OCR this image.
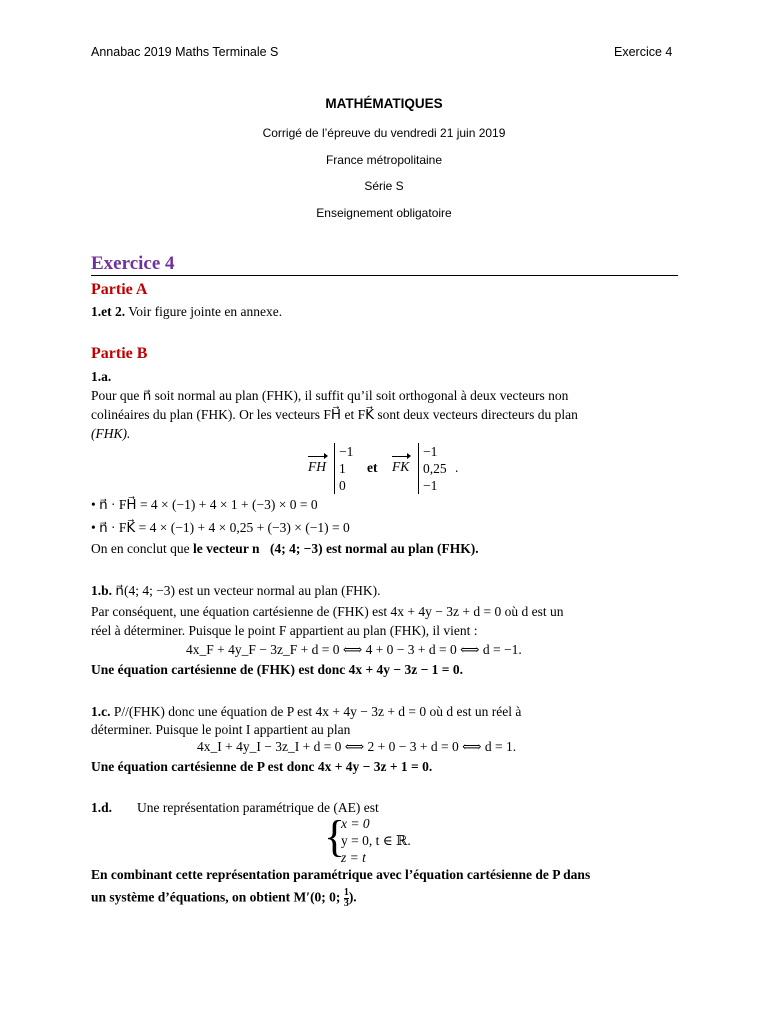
Annabac 2019 Maths Terminale S	Exercice 4
MATHÉMATIQUES
Corrigé de l’épreuve du vendredi 21 juin 2019
France métropolitaine
Série S
Enseignement obligatoire
Exercice 4
Partie A
1.et 2. Voir figure jointe en annexe.
Partie B
1.a.
Pour que n⃗ soit normal au plan (FHK), il suffit qu’il soit orthogonal à deux vecteurs non
colinéaires du plan (FHK). Or les vecteurs FH⃗ et FK⃗ sont deux vecteurs directeurs du plan
(FHK).
FH
−1
1
0
et FK
−1
0,25
−1
.
• n⃗ · FH⃗ = 4 × (−1) + 4 × 1 + (−3) × 0 = 0
• n⃗ · FK⃗ = 4 × (−1) + 4 × 0,25 + (−3) × (−1) = 0
On en conclut que le vecteur n⃗(4; 4; −3) est normal au plan (FHK).
1.b. n⃗(4; 4; −3) est un vecteur normal au plan (FHK).
Par conséquent, une équation cartésienne de (FHK) est 4x + 4y − 3z + d = 0 où d est un
réel à déterminer. Puisque le point F appartient au plan (FHK), il vient :
4x_F + 4y_F − 3z_F + d = 0 ⟺ 4 + 0 − 3 + d = 0 ⟺ d = −1.
Une équation cartésienne de (FHK) est donc 4x + 4y − 3z − 1 = 0.
1.c. P//(FHK) donc une équation de P est 4x + 4y − 3z + d = 0 où d est un réel à
déterminer. Puisque le point I appartient au plan
4x_I + 4y_I − 3z_I + d = 0 ⟺ 2 + 0 − 3 + d = 0 ⟺ d = 1.
Une équation cartésienne de P est donc 4x + 4y − 3z + 1 = 0.
1.d. Une représentation paramétrique de (AE) est
{
x = 0
y = 0, t ∈ ℝ.
z = t
En combinant cette représentation paramétrique avec l’équation cartésienne de P dans
un système d’équations, on obtient M′(0; 0; $\frac{1}{3}$ ).
